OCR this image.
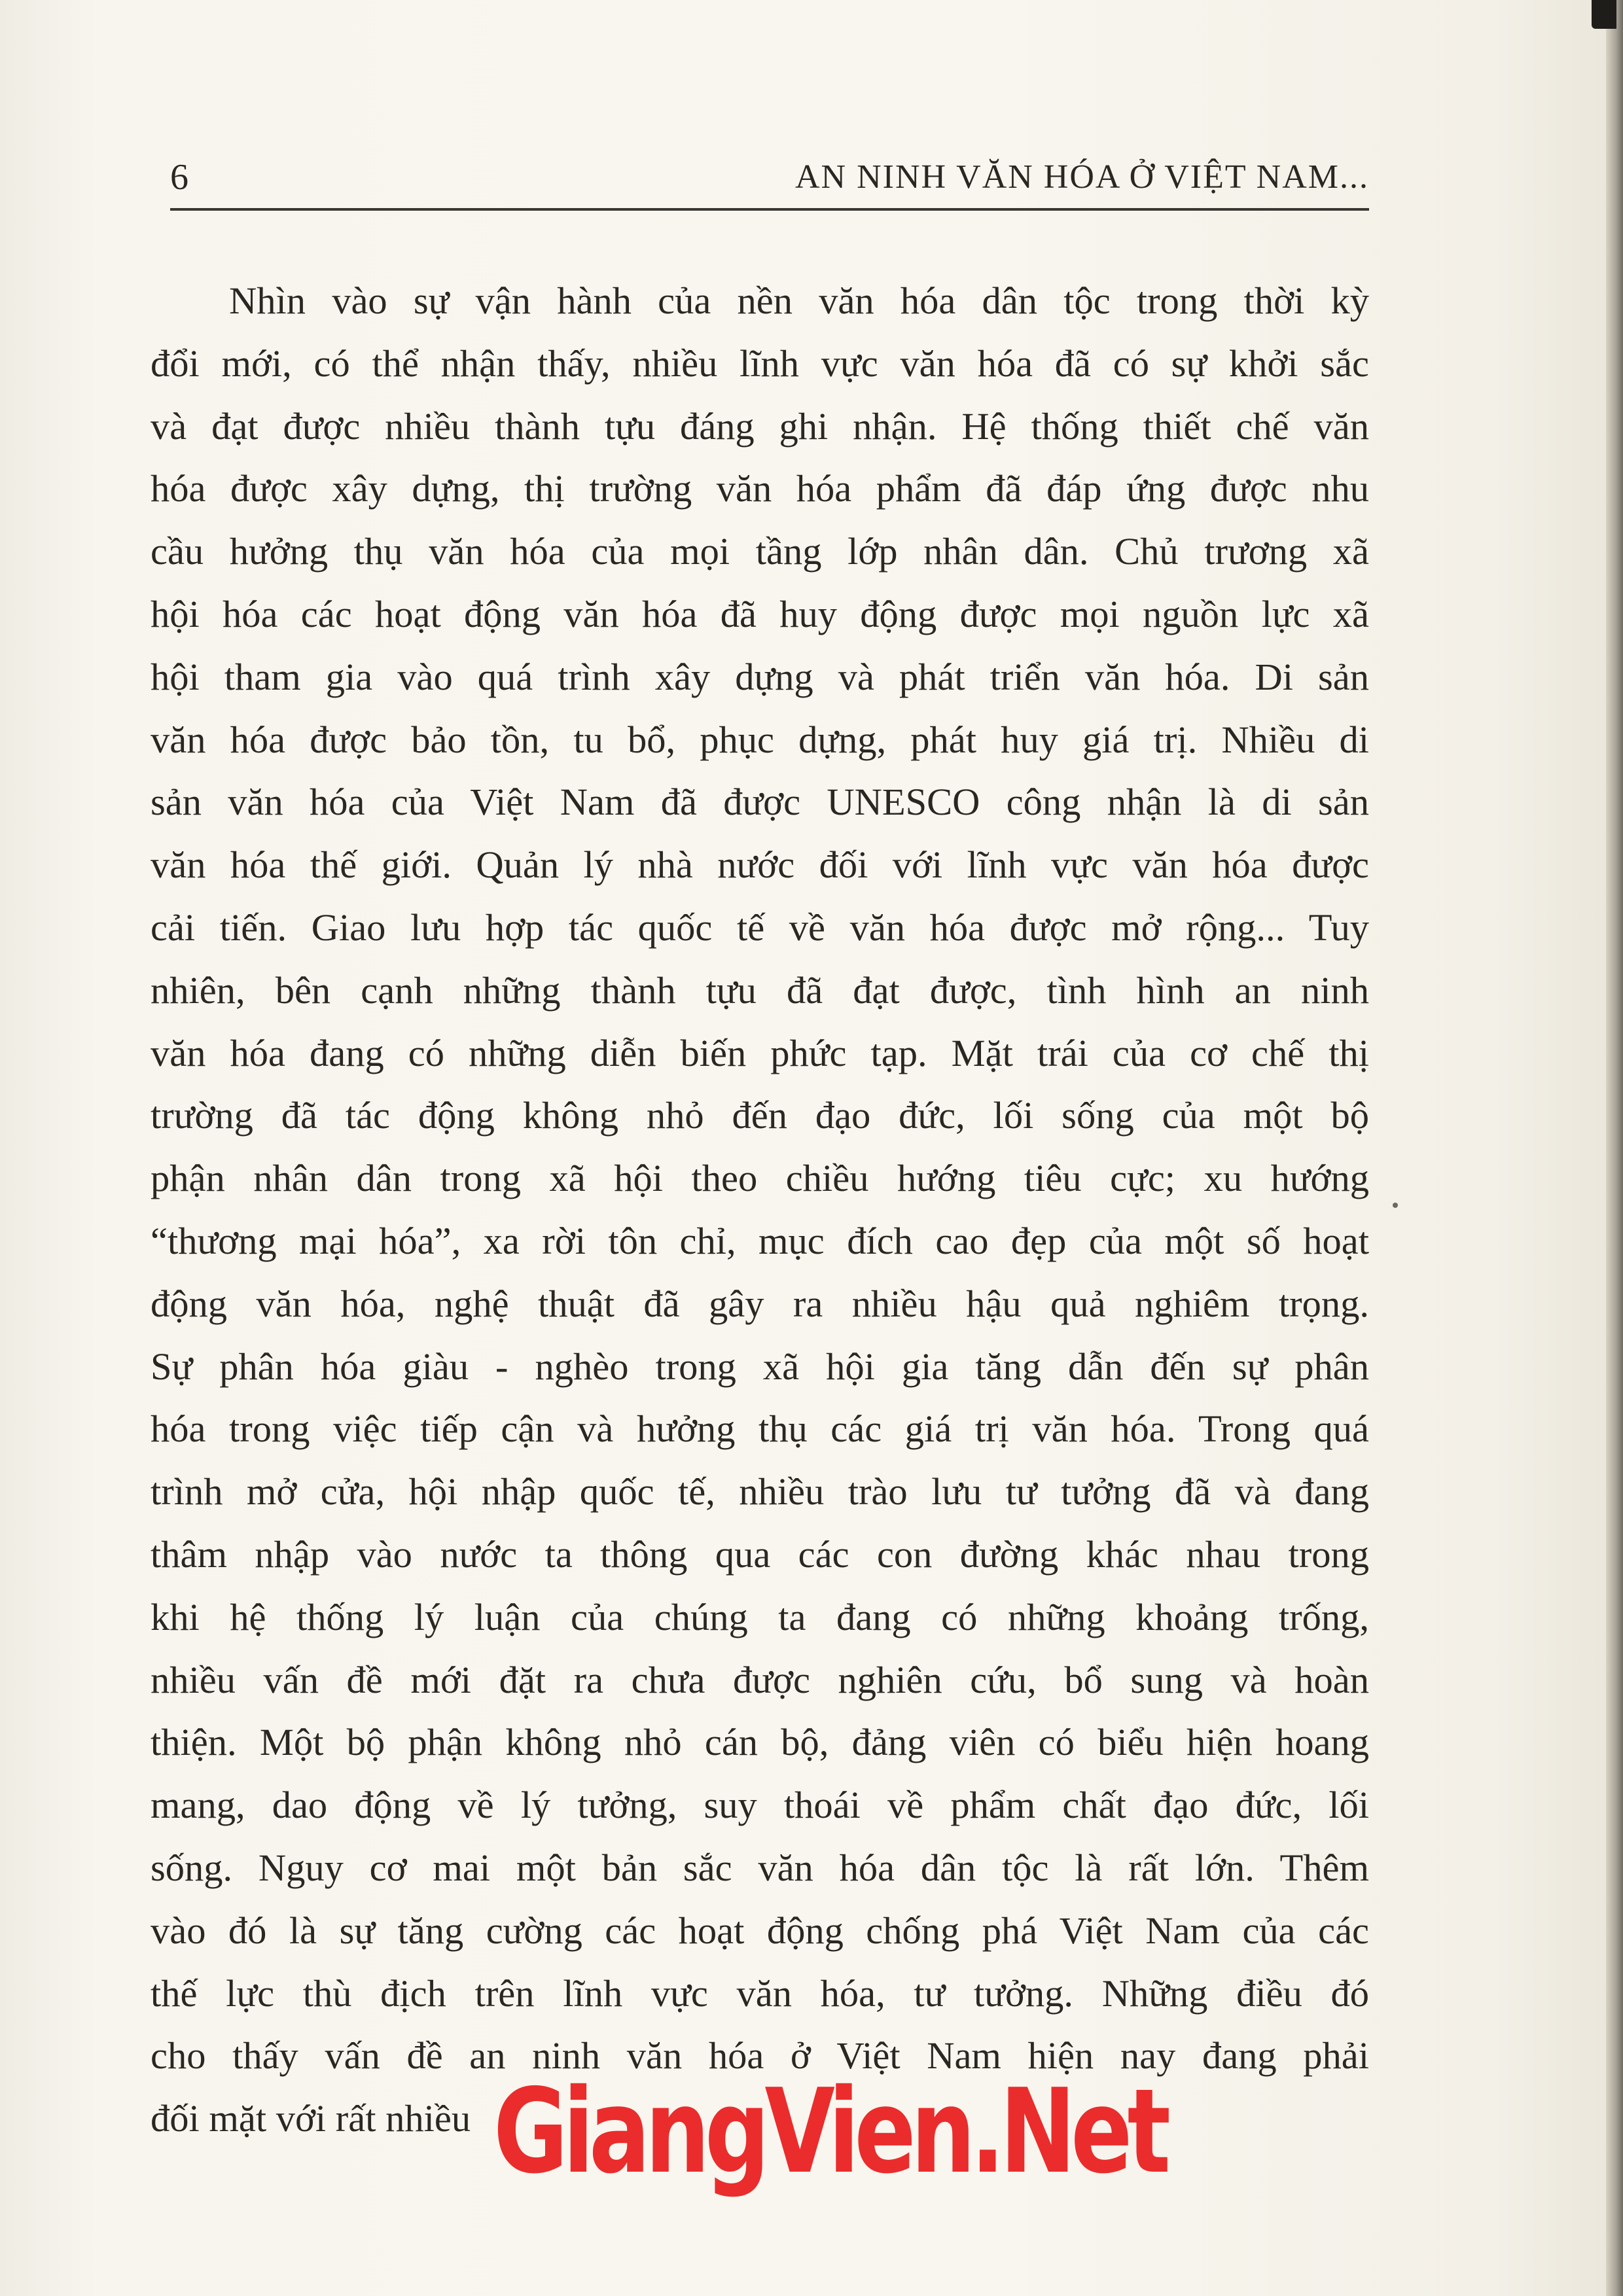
6	AN NINH VĂN HÓA Ở VIỆT NAM...
Nhìn vào sự vận hành của nền văn hóa dân tộc trong thời kỳ
đổi mới, có thể nhận thấy, nhiều lĩnh vực văn hóa đã có sự khởi sắc
và đạt được nhiều thành tựu đáng ghi nhận. Hệ thống thiết chế văn
hóa được xây dựng, thị trường văn hóa phẩm đã đáp ứng được nhu
cầu hưởng thụ văn hóa của mọi tầng lớp nhân dân. Chủ trương xã
hội hóa các hoạt động văn hóa đã huy động được mọi nguồn lực xã
hội tham gia vào quá trình xây dựng và phát triển văn hóa. Di sản
văn hóa được bảo tồn, tu bổ, phục dựng, phát huy giá trị. Nhiều di
sản văn hóa của Việt Nam đã được UNESCO công nhận là di sản
văn hóa thế giới. Quản lý nhà nước đối với lĩnh vực văn hóa được
cải tiến. Giao lưu hợp tác quốc tế về văn hóa được mở rộng... Tuy
nhiên, bên cạnh những thành tựu đã đạt được, tình hình an ninh
văn hóa đang có những diễn biến phức tạp. Mặt trái của cơ chế thị
trường đã tác động không nhỏ đến đạo đức, lối sống của một bộ
phận nhân dân trong xã hội theo chiều hướng tiêu cực; xu hướng
“thương mại hóa”, xa rời tôn chỉ, mục đích cao đẹp của một số hoạt
động văn hóa, nghệ thuật đã gây ra nhiều hậu quả nghiêm trọng.
Sự phân hóa giàu - nghèo trong xã hội gia tăng dẫn đến sự phân
hóa trong việc tiếp cận và hưởng thụ các giá trị văn hóa. Trong quá
trình mở cửa, hội nhập quốc tế, nhiều trào lưu tư tưởng đã và đang
thâm nhập vào nước ta thông qua các con đường khác nhau trong
khi hệ thống lý luận của chúng ta đang có những khoảng trống,
nhiều vấn đề mới đặt ra chưa được nghiên cứu, bổ sung và hoàn
thiện. Một bộ phận không nhỏ cán bộ, đảng viên có biểu hiện hoang
mang, dao động về lý tưởng, suy thoái về phẩm chất đạo đức, lối
sống. Nguy cơ mai một bản sắc văn hóa dân tộc là rất lớn. Thêm
vào đó là sự tăng cường các hoạt động chống phá Việt Nam của các
thế lực thù địch trên lĩnh vực văn hóa, tư tưởng. Những điều đó
cho thấy vấn đề an ninh văn hóa ở Việt Nam hiện nay đang phải
đối mặt với rất nhiều GiangVien.Net
